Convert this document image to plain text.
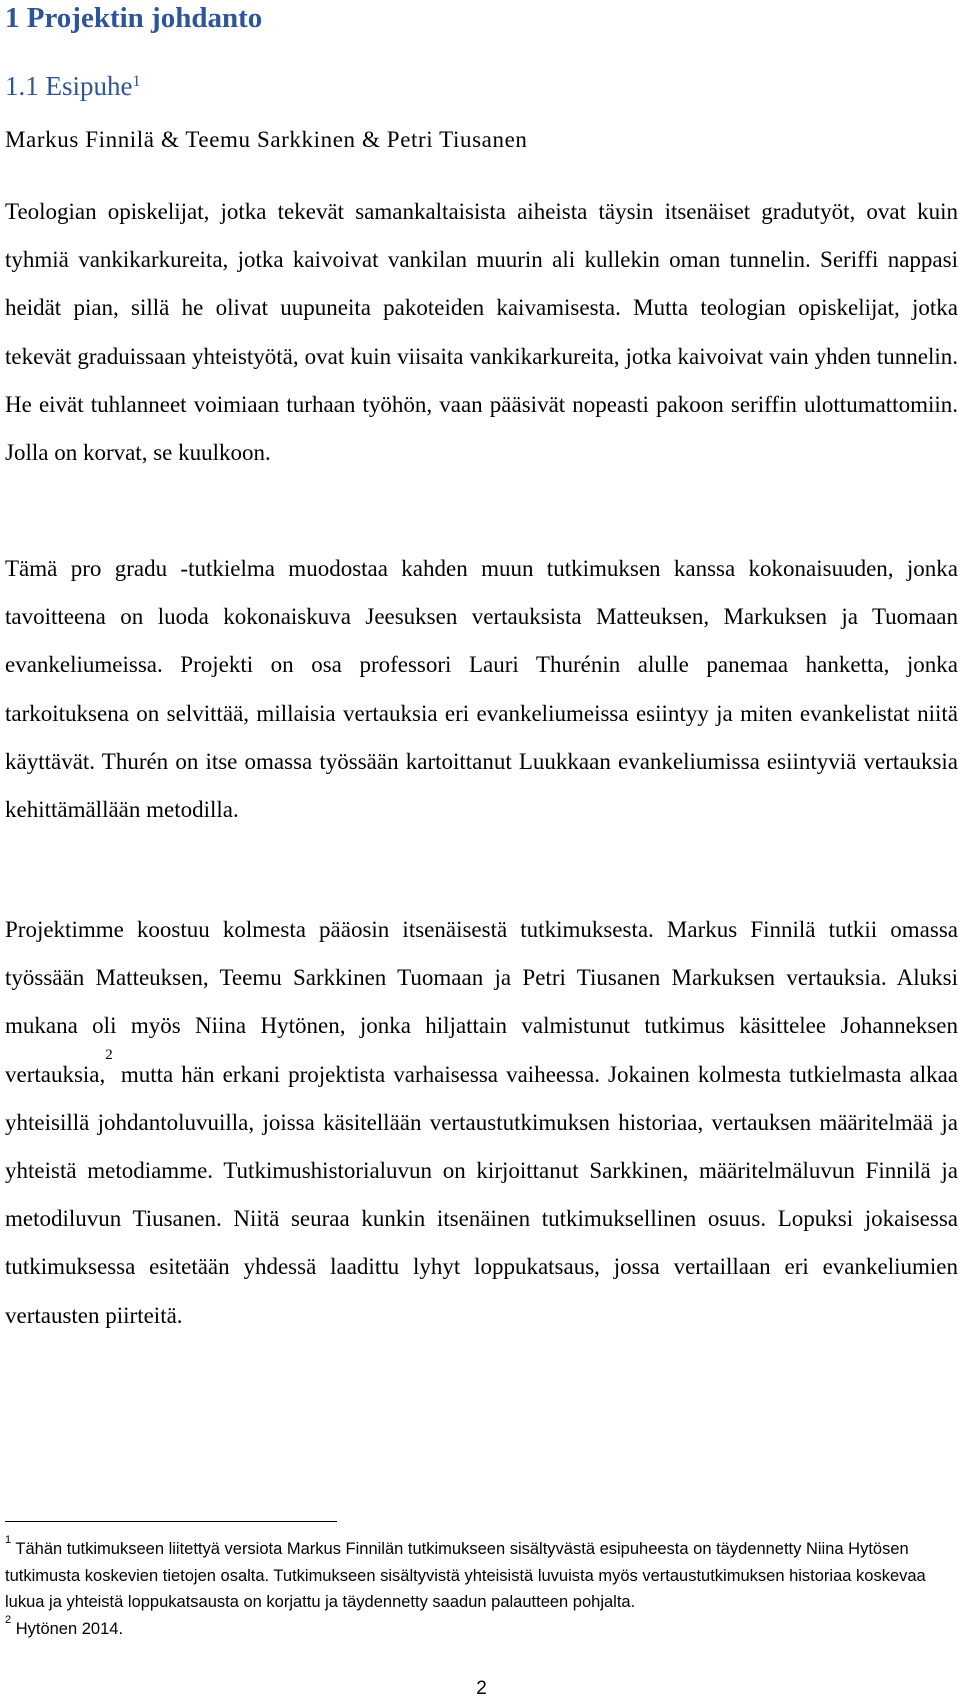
1 Projektin johdanto
1.1 Esipuhe$^1$
Markus Finnilä & Teemu Sarkkinen & Petri Tiusanen

Teologian opiskelijat, jotka tekevät samankaltaisista aiheista täysin itsenäiset gradutyöt, ovat kuin tyhmiä vankikarkureita, jotka kaivoivat vankilan muurin ali kullekin oman tunnelin. Seriffi nappasi heidät pian, sillä he olivat uupuneita pakoteiden kaivamisesta. Mutta teologian opiskelijat, jotka tekevät graduissaan yhteistyötä, ovat kuin viisaita vankikarkureita, jotka kaivoivat vain yhden tunnelin. He eivät tuhlanneet voimiaan turhaan työhön, vaan pääsivät nopeasti pakoon seriffin ulottumattomiin. Jolla on korvat, se kuulkoon.

Tämä pro gradu -tutkielma muodostaa kahden muun tutkimuksen kanssa kokonaisuuden, jonka tavoitteena on luoda kokonaiskuva Jeesuksen vertauksista Matteuksen, Markuksen ja Tuomaan evankeliumeissa. Projekti on osa professori Lauri Thurénin alulle panemaa hanketta, jonka tarkoituksena on selvittää, millaisia vertauksia eri evankeliumeissa esiintyy ja miten evankelistat niitä käyttävät. Thurén on itse omassa työssään kartoittanut Luukkaan evankeliumissa esiintyviä vertauksia kehittämällään metodilla.

Projektimme koostuu kolmesta pääosin itsenäisestä tutkimuksesta. Markus Finnilä tutkii omassa työssään Matteuksen, Teemu Sarkkinen Tuomaan ja Petri Tiusanen Markuksen vertauksia. Aluksi mukana oli myös Niina Hytönen, jonka hiljattain valmistunut tutkimus käsittelee Johanneksen vertauksia,$^2$ mutta hän erkani projektista varhaisessa vaiheessa. Jokainen kolmesta tutkielmasta alkaa yhteisillä johdantoluvuilla, joissa käsitellään vertaustutkimuksen historiaa, vertauksen määritelmää ja yhteistä metodiamme. Tutkimushistorialuvun on kirjoittanut Sarkkinen, määritelmäluvun Finnilä ja metodiluvun Tiusanen. Niitä seuraa kunkin itsenäinen tutkimuksellinen osuus. Lopuksi jokaisessa tutkimuksessa esitetään yhdessä laadittu lyhyt loppukatsaus, jossa vertaillaan eri evankeliumien vertausten piirteitä.

$^1$ Tähän tutkimukseen liitettyä versiota Markus Finnilän tutkimukseen sisältyvästä esipuheesta on täydennetty Niina Hytösen tutkimusta koskevien tietojen osalta. Tutkimukseen sisältyvistä yhteisistä luvuista myös vertaustutkimuksen historiaa koskevaa lukua ja yhteistä loppukatsausta on korjattu ja täydennetty saadun palautteen pohjalta.

$^2$ Hytönen 2014.

2
